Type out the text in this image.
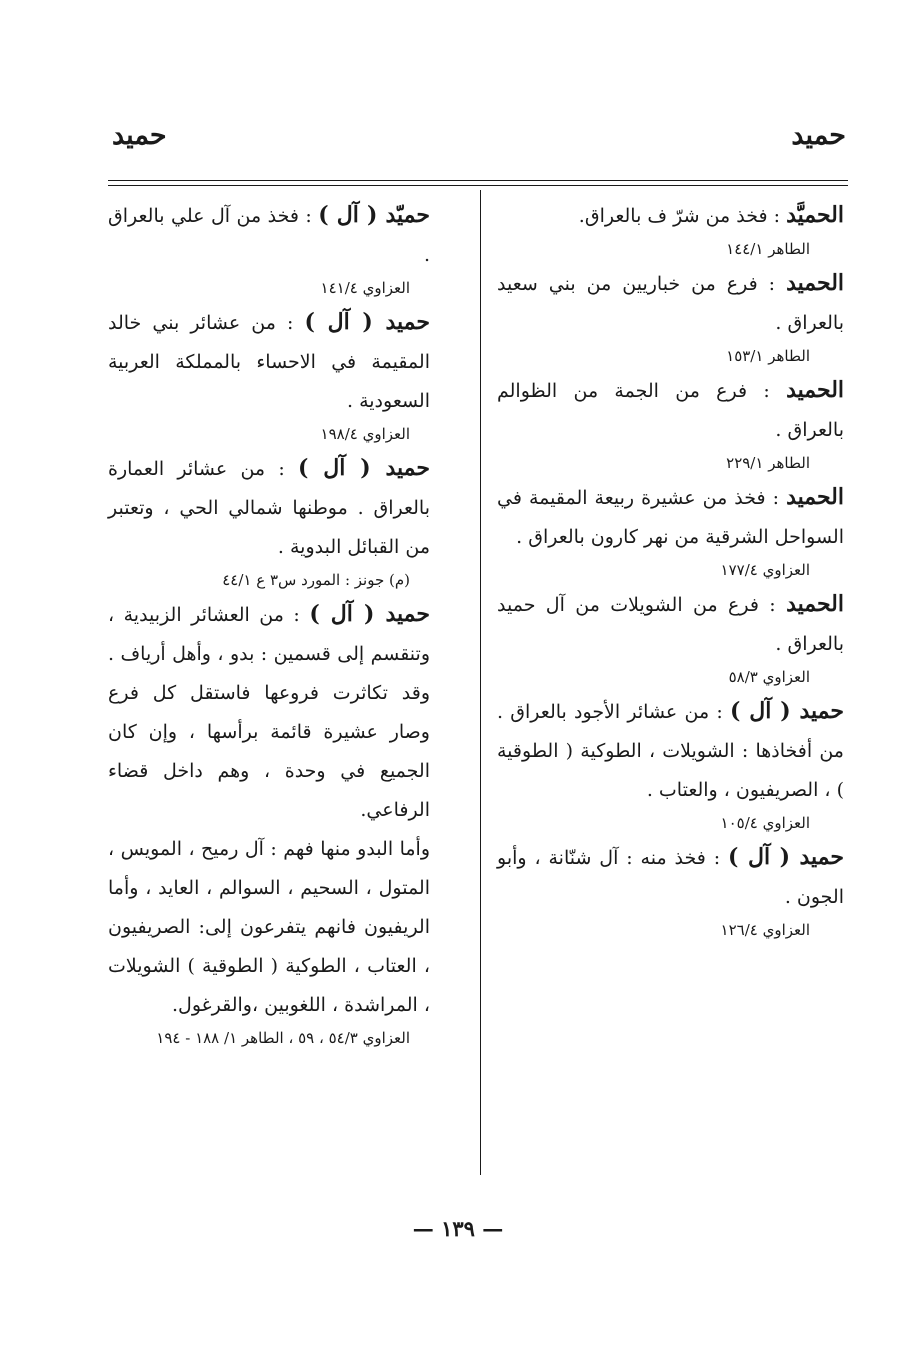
حميد
حميد
الحميَّد : فخذ من شرّ ف بالعراق.
الطاهر ١٤٤/١
الحميد : فرع من خباريين من بني سعيد بالعراق .
الطاهر ١٥٣/١
الحميد : فرع من الجمة من الظوالم بالعراق .
الطاهر ٢٢٩/١
الحميد : فخذ من عشيرة ربيعة المقيمة في السواحل الشرقية من نهر كارون بالعراق .
العزاوي ١٧٧/٤
الحميد : فرع من الشويلات من آل حميد بالعراق .
العزاوي ٥٨/٣
حميد ( آل ) : من عشائر الأجود بالعراق . من أفخاذها : الشويلات ، الطوكية ( الطوقية ) ، الصريفيون ، والعتاب .
العزاوي ١٠٥/٤
حميد ( آل ) : فخذ منه : آل شنّانة ، وأبو الجون .
العزاوي ١٢٦/٤
حميّد ( آل ) : فخذ من آل علي بالعراق .
العزاوي ١٤١/٤
حميد ( آل ) : من عشائر بني خالد المقيمة في الاحساء بالمملكة العربية السعودية .
العزاوي ١٩٨/٤
حميد ( آل ) : من عشائر العمارة بالعراق . موطنها شمالي الحي ، وتعتبر من القبائل البدوية .
(م) جونز : المورد س٣ ع ٤٤/١
حميد ( آل ) : من العشائر الزبيدية ، وتنقسم إلى قسمين : بدو ، وأهل أرياف . وقد تكاثرت فروعها فاستقل كل فرع وصار عشيرة قائمة برأسها ، وإن كان الجميع في وحدة ، وهم داخل قضاء الرفاعي.
وأما البدو منها فهم : آل رميح ، المويس ، المتول ، السحيم ، السوالم ، العايد ، وأما الريفيون فانهم يتفرعون إلى: الصريفيون ، العتاب ، الطوكية ( الطوقية ) الشويلات ، المراشدة ، اللغوبين ،والقرغول.
العزاوي ٥٤/٣ ، ٥٩ ، الطاهر ١/ ١٨٨ - ١٩٤
— ١٣٩ —
